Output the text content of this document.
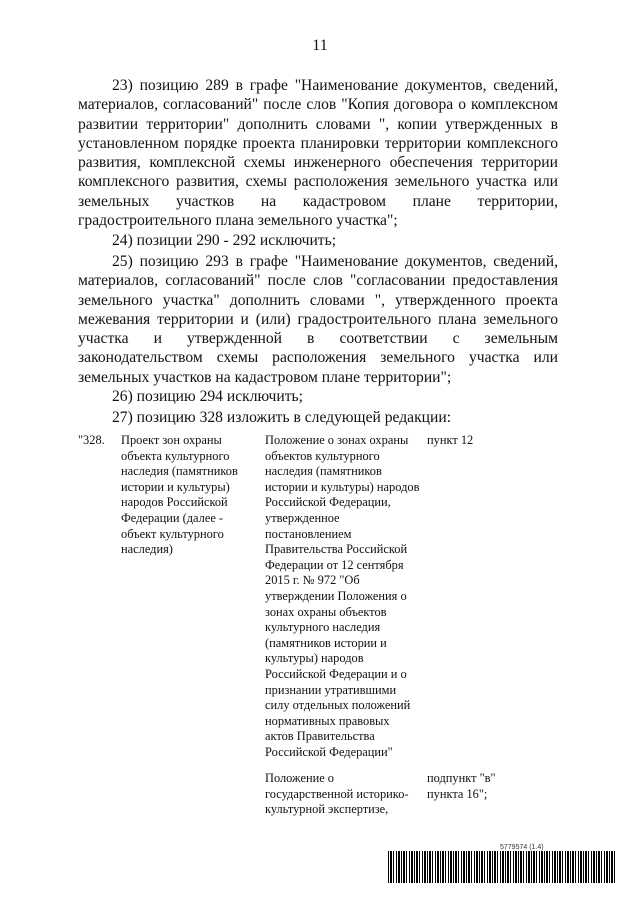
11

23) позицию 289 в графе "Наименование документов, сведений, материалов, согласований" после слов "Копия договора о комплексном развитии территории" дополнить словами ", копии утвержденных в установленном порядке проекта планировки территории комплексного развития, комплексной схемы инженерного обеспечения территории комплексного развития, схемы расположения земельного участка или земельных участков на кадастровом плане территории, градостроительного плана земельного участка";

24) позиции 290 - 292 исключить;

25) позицию 293 в графе "Наименование документов, сведений, материалов, согласований" после слов "согласовании предоставления земельного участка" дополнить словами ", утвержденного проекта межевания территории и (или) градостроительного плана земельного участка и утвержденной в соответствии с земельным законодательством схемы расположения земельного участка или земельных участков на кадастровом плане территории";

26) позицию 294 исключить;

27) позицию 328 изложить в следующей редакции:

"328.	Проект зон охраны объекта культурного наследия (памятников истории и культуры) народов Российской Федерации (далее - объект культурного наследия)

Положение о зонах охраны объектов культурного наследия (памятников истории и культуры) народов Российской Федерации, утвержденное постановлением Правительства Российской Федерации от 12 сентября 2015 г. № 972 "Об утверждении Положения о зонах охраны объектов культурного наследия (памятников истории и культуры) народов Российской Федерации и о признании утратившими силу отдельных положений нормативных правовых актов Правительства Российской Федерации"

пункт 12

Положение о государственной историко-культурной экспертизе,

подпункт "в" пункта 16";

5779574 (1.4)
